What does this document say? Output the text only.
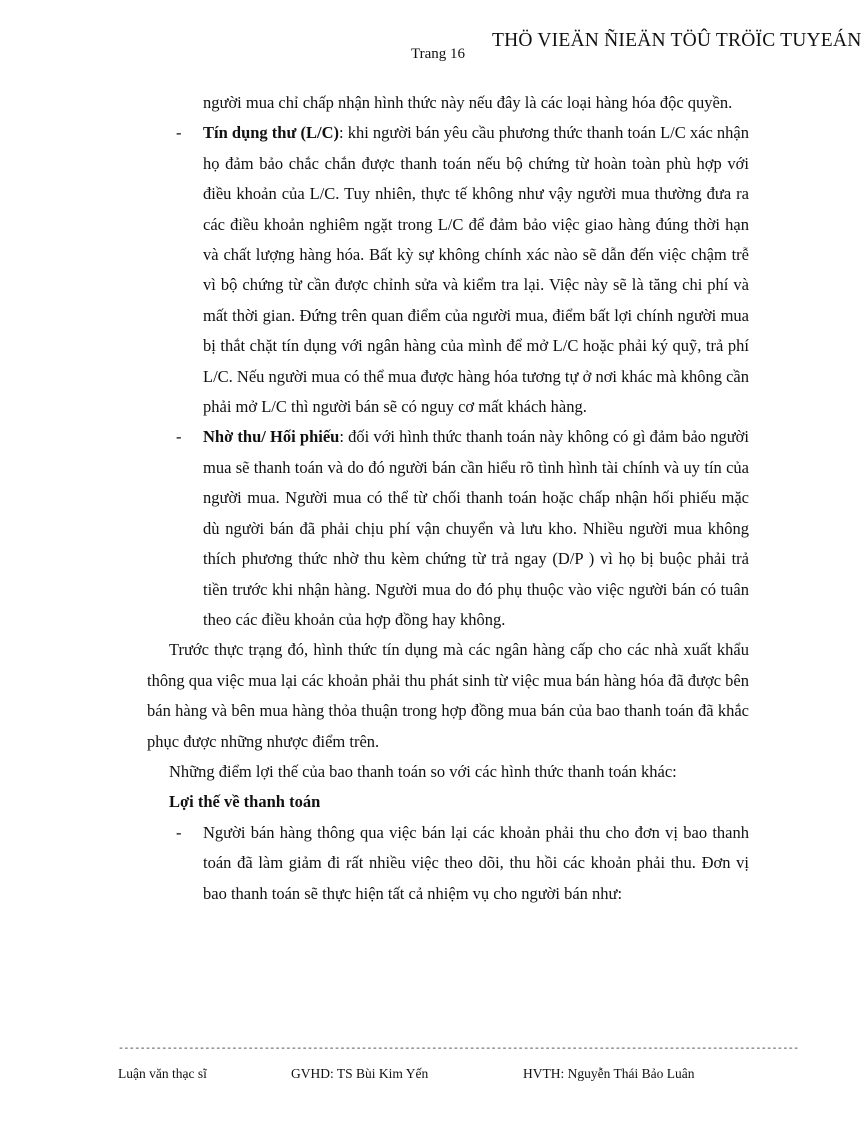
Trang 16
THÖ VIEÄN ÑIEÄN TÖÛ TRÖÏC TUYEÁN

người mua chỉ chấp nhận hình thức này nếu đây là các loại hàng hóa độc quyền.

- Tín dụng thư (L/C): khi người bán yêu cầu phương thức thanh toán L/C xác nhận họ đảm bảo chắc chắn được thanh toán nếu bộ chứng từ hoàn toàn phù hợp với điều khoản của L/C. Tuy nhiên, thực tế không như vậy người mua thường đưa ra các điều khoản nghiêm ngặt trong L/C để đảm bảo việc giao hàng đúng thời hạn và chất lượng hàng hóa. Bất kỳ sự không chính xác nào sẽ dẫn đến việc chậm trễ vì bộ chứng từ cần được chỉnh sửa và kiểm tra lại. Việc này sẽ là tăng chi phí và mất thời gian. Đứng trên quan điểm của người mua, điểm bất lợi chính người mua bị thắt chặt tín dụng với ngân hàng của mình để mở L/C hoặc phải ký quỹ, trả phí L/C. Nếu người mua có thể mua được hàng hóa tương tự ở nơi khác mà không cần phải mở L/C thì người bán sẽ có nguy cơ mất khách hàng.

- Nhờ thu/ Hối phiếu: đối với hình thức thanh toán này không có gì đảm bảo người mua sẽ thanh toán và do đó người bán cần hiểu rõ tình hình tài chính và uy tín của người mua. Người mua có thể từ chối thanh toán hoặc chấp nhận hối phiếu mặc dù người bán đã phải chịu phí vận chuyển và lưu kho. Nhiều người mua không thích phương thức nhờ thu kèm chứng từ trả ngay (D/P ) vì họ bị buộc phải trả tiền trước khi nhận hàng. Người mua do đó phụ thuộc vào việc người bán có tuân theo các điều khoản của hợp đồng hay không.

Trước thực trạng đó, hình thức tín dụng mà các ngân hàng cấp cho các nhà xuất khẩu thông qua việc mua lại các khoản phải thu phát sinh từ việc mua bán hàng hóa đã được bên bán hàng và bên mua hàng thỏa thuận trong hợp đồng mua bán của bao thanh toán đã khắc phục được những nhược điểm trên.

Những điểm lợi thế của bao thanh toán so với các hình thức thanh toán khác:

Lợi thế về thanh toán

- Người bán hàng thông qua việc bán lại các khoản phải thu cho đơn vị bao thanh toán đã làm giảm đi rất nhiều việc theo dõi, thu hồi các khoản phải thu. Đơn vị bao thanh toán sẽ thực hiện tất cả nhiệm vụ cho người bán như:

------------------------------------------------------------------------------------------------------------------------------
Luận văn thạc sĩ	GVHD: TS Bùi Kim Yến	HVTH: Nguyễn Thái Bảo Luân
